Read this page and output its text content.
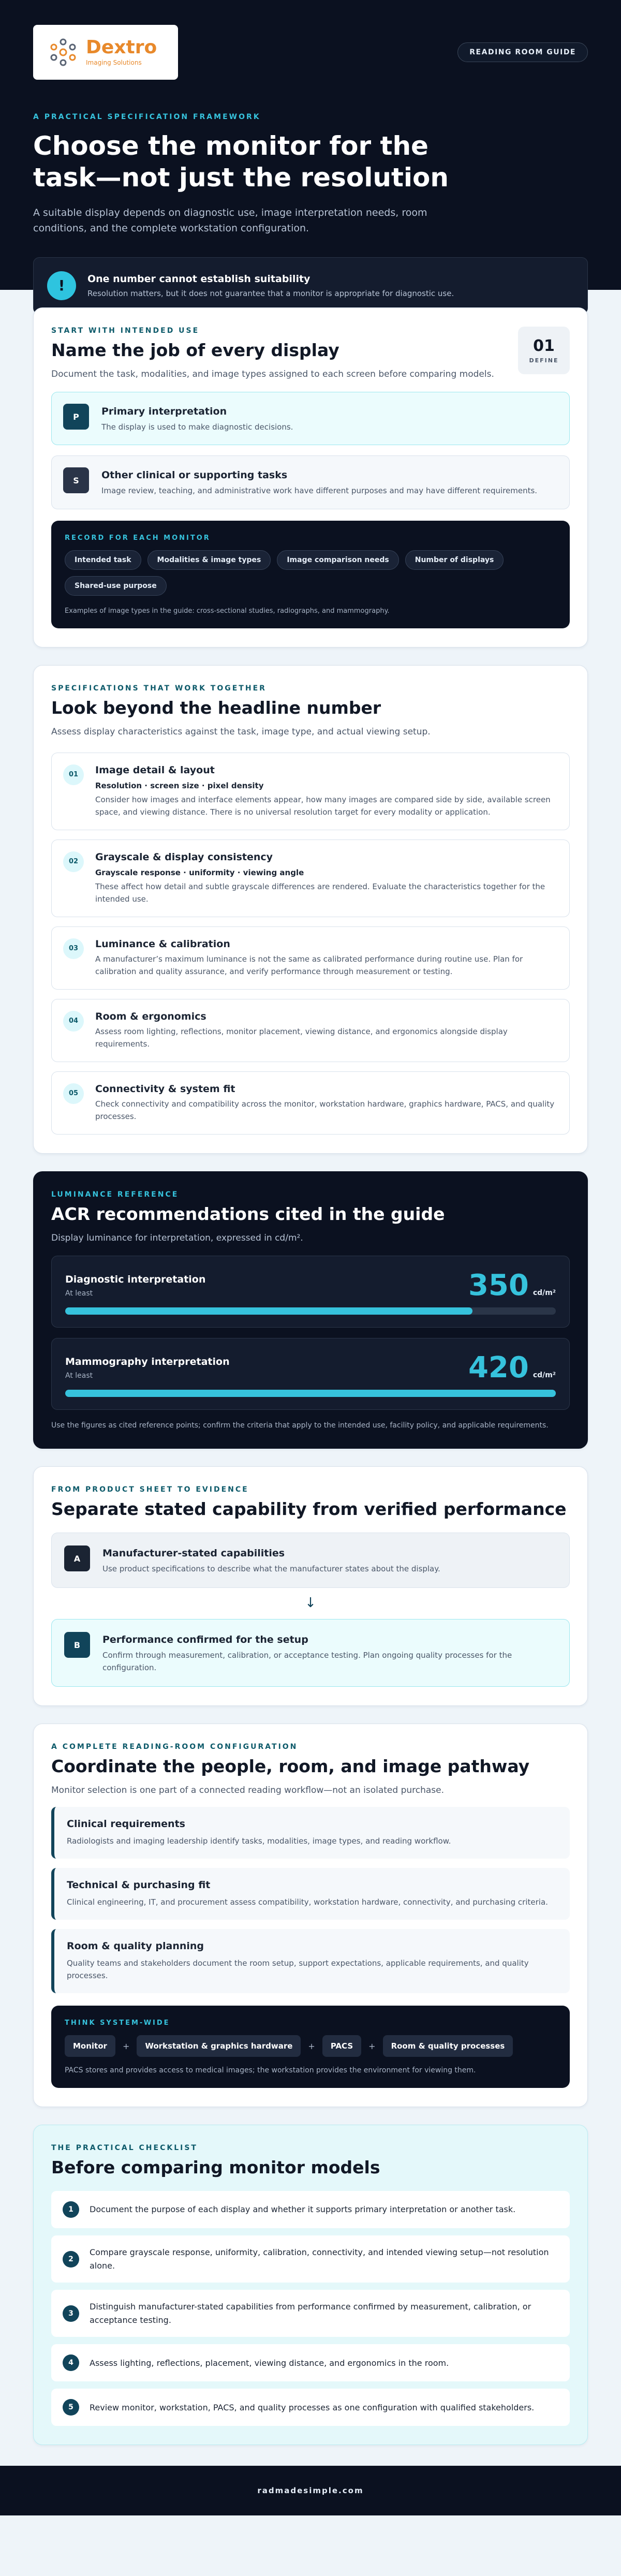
Dextro
Imaging Solutions
READING ROOM GUIDE
A PRACTICAL SPECIFICATION FRAMEWORK
Choose the monitor for the task—not just the resolution

A suitable display depends on diagnostic use, image interpretation needs, room conditions, and the complete workstation configuration.

!	One number cannot establish suitability
Resolution matters, but it does not guarantee that a monitor is appropriate for diagnostic use.
START WITH INTENDED USE
Name the job of every display

Document the task, modalities, and image types assigned to each screen before comparing models.

01
DEFINE
P	Primary interpretation
The display is used to make diagnostic decisions.
S	Other clinical or supporting tasks
Image review, teaching, and administrative work have different purposes and may have different requirements.
RECORD FOR EACH MONITOR
Intended task	Modalities & image types	Image comparison needs	Number of displays
Shared-use purpose
Examples of image types in the guide: cross-sectional studies, radiographs, and mammography.
SPECIFICATIONS THAT WORK TOGETHER
Look beyond the headline number

Assess display characteristics against the task, image type, and actual viewing setup.

01	Image detail & layout
Resolution · screen size · pixel density
Consider how images and interface elements appear, how many images are compared side by side, available screen space, and viewing distance. There is no universal resolution target for every modality or application.
02	Grayscale & display consistency
Grayscale response · uniformity · viewing angle
These affect how detail and subtle grayscale differences are rendered. Evaluate the characteristics together for the intended use.
03	Luminance & calibration
A manufacturer’s maximum luminance is not the same as calibrated performance during routine use. Plan for calibration and quality assurance, and verify performance through measurement or testing.
04	Room & ergonomics
Assess room lighting, reflections, monitor placement, viewing distance, and ergonomics alongside display requirements.
05	Connectivity & system fit
Check connectivity and compatibility across the monitor, workstation hardware, graphics hardware, PACS, and quality processes.
LUMINANCE REFERENCE
ACR recommendations cited in the guide

Display luminance for interpretation, expressed in cd/m².

Diagnostic interpretation
At least	350 cd/m²
Mammography interpretation
At least	420 cd/m²
Use the figures as cited reference points; confirm the criteria that apply to the intended use, facility policy, and applicable requirements.
FROM PRODUCT SHEET TO EVIDENCE
Separate stated capability from verified performance
A	Manufacturer-stated capabilities
Use product specifications to describe what the manufacturer states about the display.
↓
B	Performance confirmed for the setup
Confirm through measurement, calibration, or acceptance testing. Plan ongoing quality processes for the configuration.
A COMPLETE READING-ROOM CONFIGURATION
Coordinate the people, room, and image pathway

Monitor selection is one part of a connected reading workflow—not an isolated purchase.

Clinical requirements
Radiologists and imaging leadership identify tasks, modalities, image types, and reading workflow.
Technical & purchasing fit
Clinical engineering, IT, and procurement assess compatibility, workstation hardware, connectivity, and purchasing criteria.
Room & quality planning
Quality teams and stakeholders document the room setup, support expectations, applicable requirements, and quality processes.
THINK SYSTEM-WIDE
Monitor	+	Workstation & graphics hardware	+	PACS	+	Room & quality processes
PACS stores and provides access to medical images; the workstation provides the environment for viewing them.
THE PRACTICAL CHECKLIST
Before comparing monitor models
1	Document the purpose of each display and whether it supports primary interpretation or another task.
2
Compare grayscale response, uniformity, calibration, connectivity, and intended viewing setup—not resolution alone.
3
Distinguish manufacturer-stated capabilities from performance confirmed by measurement, calibration, or acceptance testing.
4	Assess lighting, reflections, placement, viewing distance, and ergonomics in the room.
5	Review monitor, workstation, PACS, and quality processes as one configuration with qualified stakeholders.
radmadesimple.com
